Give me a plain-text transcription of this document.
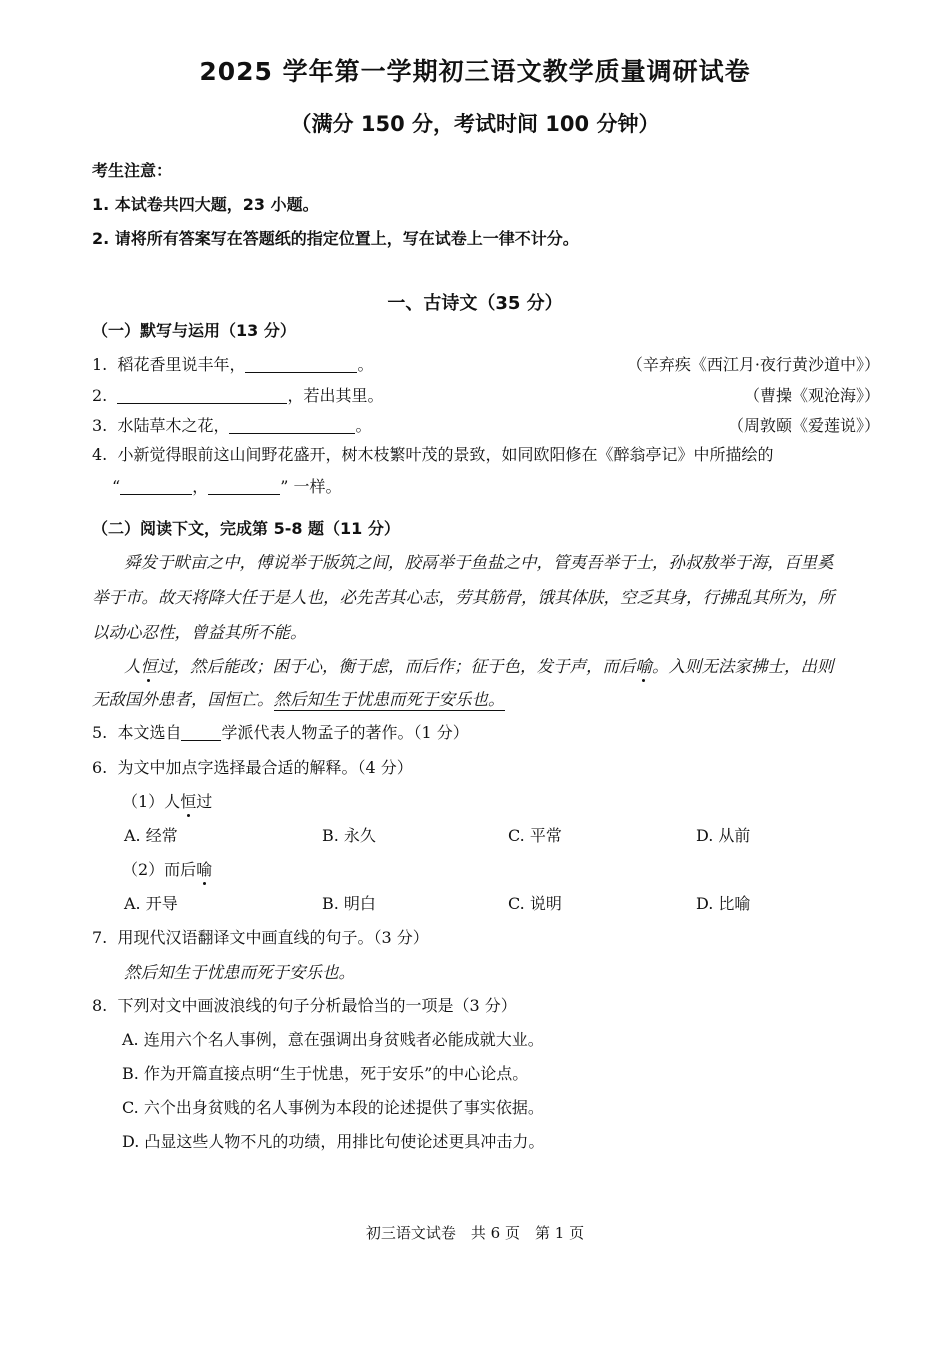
2025 学年第一学期初三语文教学质量调研试卷
（满分 150 分，考试时间 100 分钟）
考生注意：
1. 本试卷共四大题，23 小题。
2. 请将所有答案写在答题纸的指定位置上，写在试卷上一律不计分。
一、古诗文（35 分）
（一）默写与运用（13 分）
1. 稻花香里说丰年，	。	（辛弃疾《西江月·夜行黄沙道中》）
2.	，若出其里。	（曹操《观沧海》）
3. 水陆草木之花，	。	（周敦颐《爱莲说》）
4. 小新觉得眼前这山间野花盛开，树木枝繁叶茂的景致，如同欧阳修在《醉翁亭记》中所描绘的
“	，	” 一样。
（二）阅读下文，完成第 5-8 题（11 分）
舜发于畎亩之中，傅说举于版筑之间，胶鬲举于鱼盐之中，管夷吾举于士，孙叔敖举于海，百里奚
举于市。故天将降大任于是人也，必先苦其心志，劳其筋骨，饿其体肤，空乏其身，行拂乱其所为，所
以动心忍性，曾益其所不能。
人恒过，然后能改；困于心，衡于虑，而后作；征于色，发于声，而后喻。入则无法家拂士，出则
无敌国外患者，国恒亡。然后知生于忧患而死于安乐也。
5. 本文选自	学派代表人物孟子的著作。（1 分）
6. 为文中加点字选择最合适的解释。（4 分）
（1）人恒过
A. 经常	B. 永久	C. 平常	D. 从前
（2）而后喻
A. 开导	B. 明白	C. 说明	D. 比喻
7. 用现代汉语翻译文中画直线的句子。（3 分）
然后知生于忧患而死于安乐也。
8. 下列对文中画波浪线的句子分析最恰当的一项是（3 分）
A. 连用六个名人事例，意在强调出身贫贱者必能成就大业。
B. 作为开篇直接点明“生于忧患，死于安乐”的中心论点。
C. 六个出身贫贱的名人事例为本段的论述提供了事实依据。
D. 凸显这些人物不凡的功绩，用排比句使论述更具冲击力。
初三语文试卷　共 6 页　第 1 页
